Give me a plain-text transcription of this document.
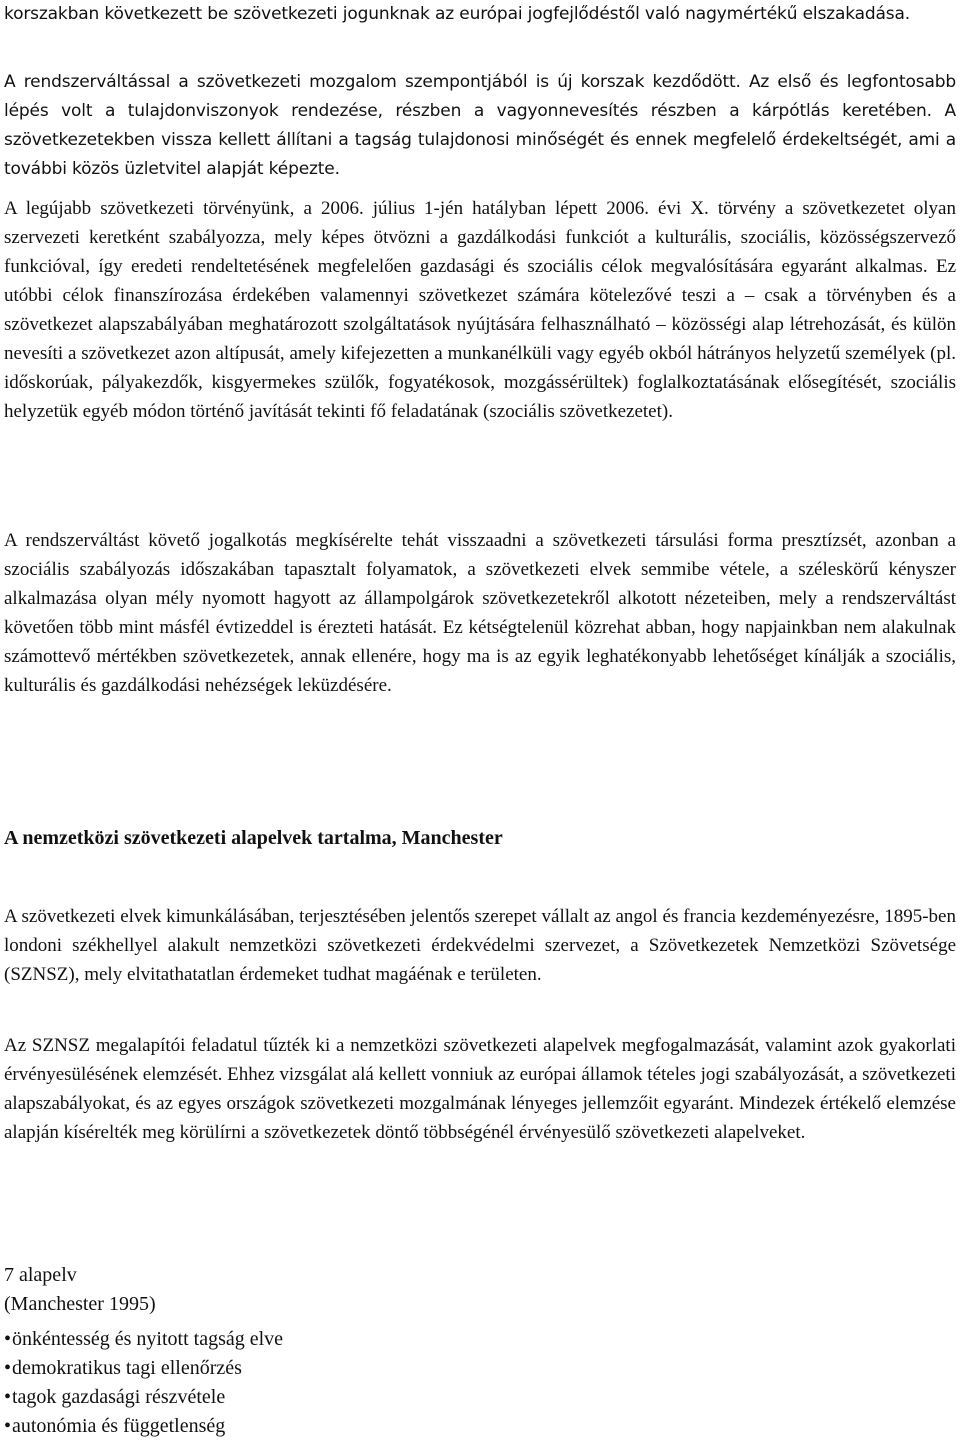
korszakban következett be szövetkezeti jogunknak az európai jogfejlődéstől való nagymértékű elszakadása.

A rendszerváltással a szövetkezeti mozgalom szempontjából is új korszak kezdődött. Az első és legfontosabb lépés volt a tulajdonviszonyok rendezése, részben a vagyonnevesítés részben a kárpótlás keretében. A szövetkezetekben vissza kellett állítani a tagság tulajdonosi minőségét és ennek megfelelő érdekeltségét, ami a további közös üzletvitel alapját képezte.

A legújabb szövetkezeti törvényünk, a 2006. július 1-jén hatályban lépett 2006. évi X. törvény a szövetkezetet olyan szervezeti keretként szabályozza, mely képes ötvözni a gazdálkodási funkciót a kulturális, szociális, közösségszervező funkcióval, így eredeti rendeltetésének megfelelően gazdasági és szociális célok megvalósítására egyaránt alkalmas. Ez utóbbi célok finanszírozása érdekében valamennyi szövetkezet számára kötelezővé teszi a – csak a törvényben és a szövetkezet alapszabályában meghatározott szolgáltatások nyújtására felhasználható – közösségi alap létrehozását, és külön nevesíti a szövetkezet azon altípusát, amely kifejezetten a munkanélküli vagy egyéb okból hátrányos helyzetű személyek (pl. időskorúak, pályakezdők, kisgyermekes szülők, fogyatékosok, mozgássérültek) foglalkoztatásának elősegítését, szociális helyzetük egyéb módon történő javítását tekinti fő feladatának (szociális szövetkezetet).

A rendszerváltást követő jogalkotás megkísérelte tehát visszaadni a szövetkezeti társulási forma presztízsét, azonban a szociális szabályozás időszakában tapasztalt folyamatok, a szövetkezeti elvek semmibe vétele, a széleskörű kényszer alkalmazása olyan mély nyomott hagyott az állampolgárok szövetkezetekről alkotott nézeteiben, mely a rendszerváltást követően több mint másfél évtizeddel is érezteti hatását. Ez kétségtelenül közrehat abban, hogy napjainkban nem alakulnak számottevő mértékben szövetkezetek, annak ellenére, hogy ma is az egyik leghatékonyabb lehetőséget kínálják a szociális, kulturális és gazdálkodási nehézségek leküzdésére.

A nemzetközi szövetkezeti alapelvek tartalma, Manchester

A szövetkezeti elvek kimunkálásában, terjesztésében jelentős szerepet vállalt az angol és francia kezdeményezésre, 1895-ben londoni székhellyel alakult nemzetközi szövetkezeti érdekvédelmi szervezet, a Szövetkezetek Nemzetközi Szövetsége (SZNSZ), mely elvitathatatlan érdemeket tudhat magáénak e területen.

Az SZNSZ megalapítói feladatul tűzték ki a nemzetközi szövetkezeti alapelvek megfogalmazását, valamint azok gyakorlati érvényesülésének elemzését. Ehhez vizsgálat alá kellett vonniuk az európai államok tételes jogi szabályozását, a szövetkezeti alapszabályokat, és az egyes országok szövetkezeti mozgalmának lényeges jellemzőit egyaránt. Mindezek értékelő elemzése alapján kísérelték meg körülírni a szövetkezetek döntő többségénél érvényesülő szövetkezeti alapelveket.

7 alapelv

(Manchester 1995)

•önkéntesség és nyitott tagság elve
•demokratikus tagi ellenőrzés
•tagok gazdasági részvétele
•autonómia és függetlenség
